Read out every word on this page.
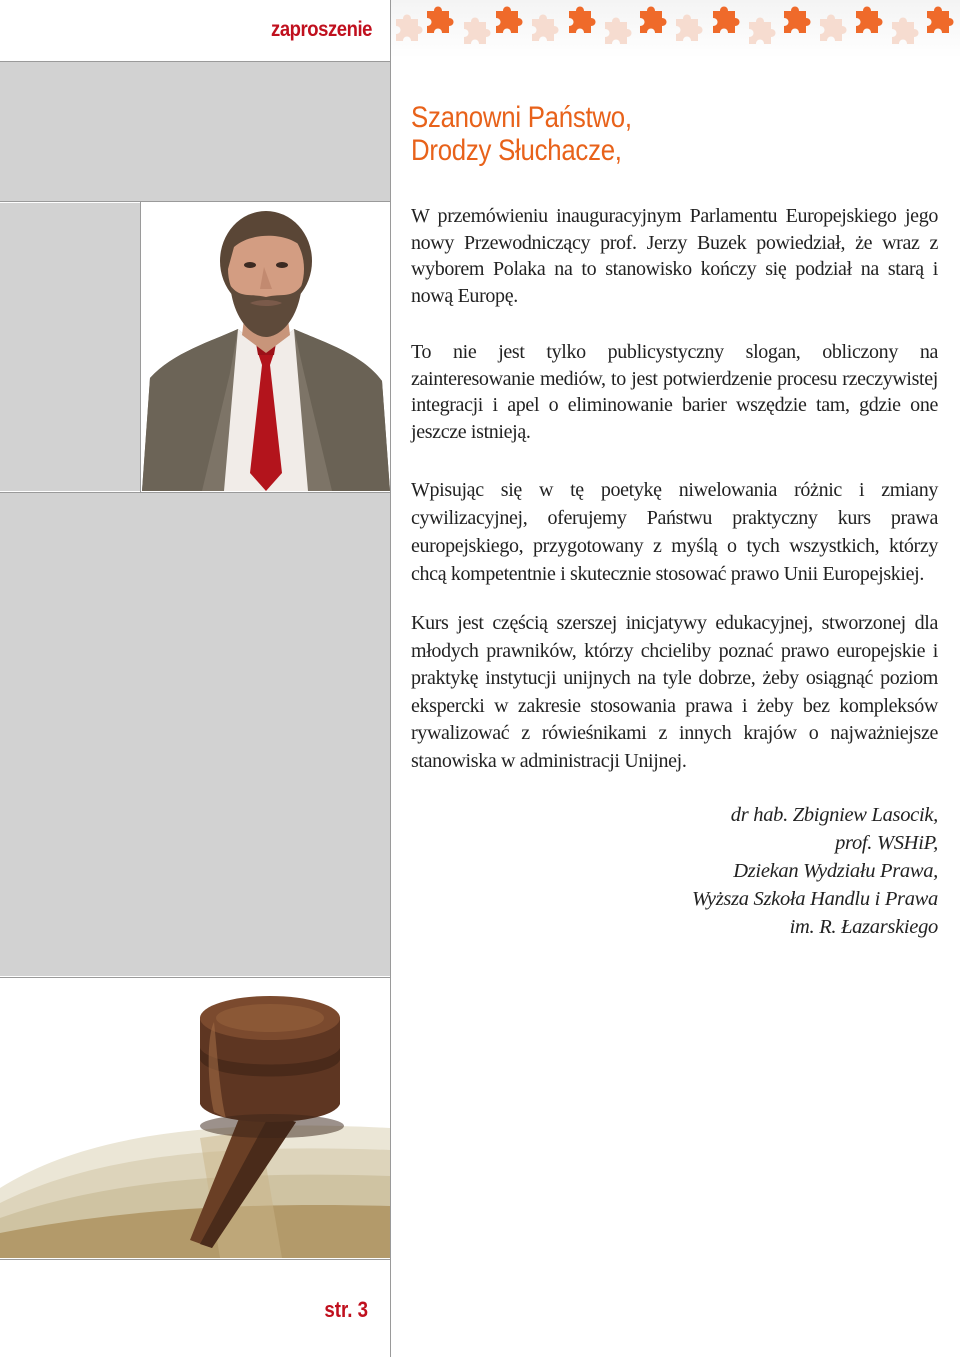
zaproszenie
str. 3
Szanowni Państwo,
Drodzy Słuchacze,
W przemówieniu inauguracyjnym Parlamentu Europejskiego jego nowy Przewodniczący prof. Jerzy Buzek powiedział, że wraz z wyborem Polaka na to stanowisko kończy się podział na starą i nową Europę.
To nie jest tylko publicystyczny slogan, obliczony na zainteresowanie mediów, to jest potwierdzenie procesu rzeczywistej integracji i apel o eliminowanie barier wszędzie tam, gdzie one jeszcze istnieją.
Wpisując się w tę poetykę niwelowania różnic i zmiany cywilizacyjnej, oferujemy Państwu praktyczny kurs prawa europejskiego, przygotowany z myślą o tych wszystkich, którzy chcą kompetentnie i skutecznie stosować prawo Unii Europejskiej.
Kurs jest częścią szerszej inicjatywy edukacyjnej, stworzonej dla młodych prawników, którzy chcieliby poznać prawo europejskie i praktykę instytucji unijnych na tyle dobrze, żeby osiągnąć poziom ekspercki w zakresie stosowania prawa i żeby bez kompleksów rywalizować z rówieśnikami z innych krajów o najważniejsze stanowiska w administracji Unijnej.
dr hab. Zbigniew Lasocik,
prof. WSHiP,
Dziekan Wydziału Prawa,
Wyższa Szkoła Handlu i Prawa
im. R. Łazarskiego
